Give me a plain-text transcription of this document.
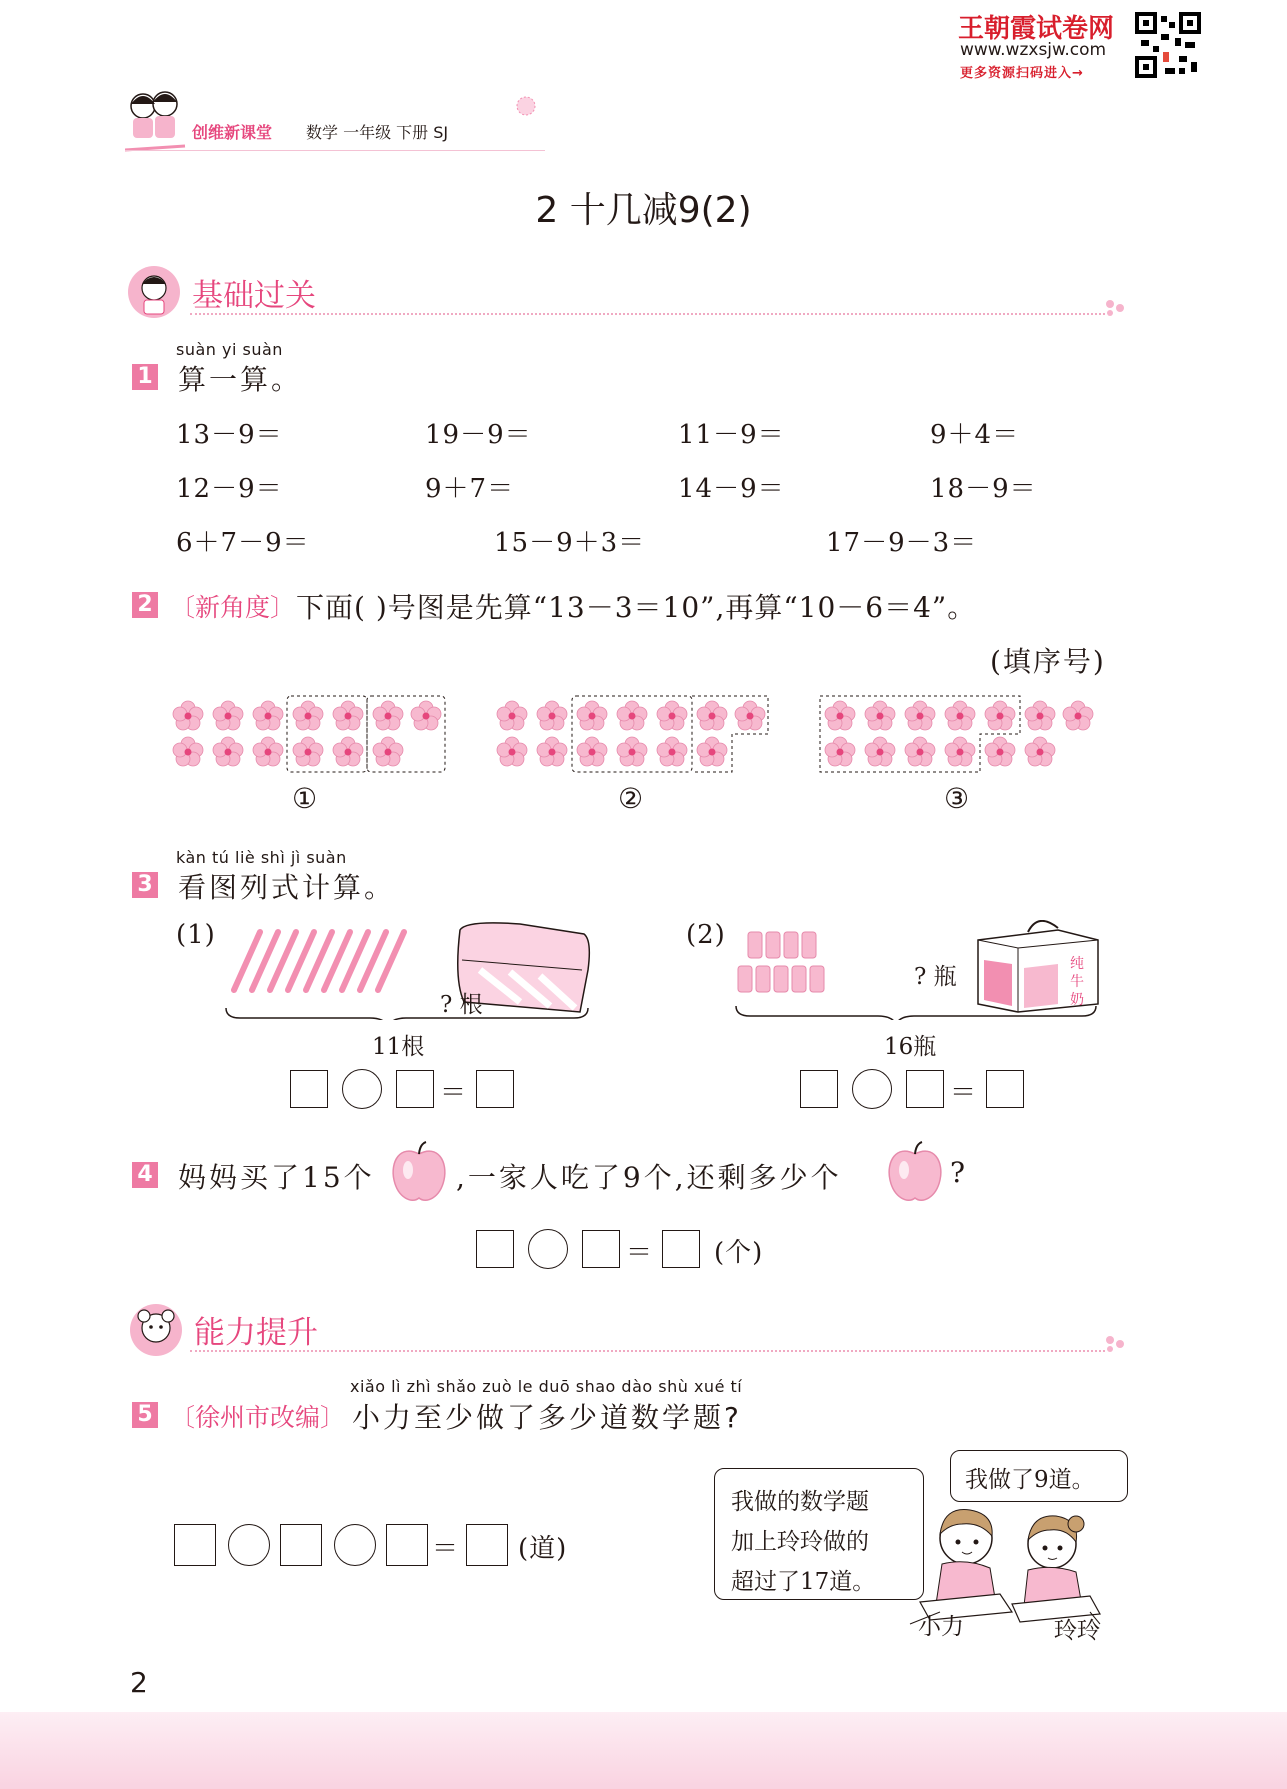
王朝霞试卷网
www.wzxsjw.com
更多资源扫码进入→
创维新课堂 数学 一年级 下册 SJ
2 十几减9(2)
基础过关
suàn yi suàn
1 算一算。
13－9＝	19－9＝	11－9＝	9＋4＝
12－9＝	9＋7＝	14－9＝	18－9＝
6＋7－9＝	15－9＋3＝	17－9－3＝
2 〔新角度〕 下面( )号图是先算“13－3＝10”,再算“10－6＝4”。
(填序号)
①	②	③
kàn tú liè shì jì suàn
3 看图列式计算。
(1)
? 根
11根
＝
(2)
纯
牛
奶
? 瓶
16瓶
＝
4 妈妈买了15个	,一家人吃了9个,还剩多少个	?
＝ (个)
能力提升
xiǎo lì zhì shǎo zuò le duō shao dào shù xué tí
5 〔徐州市改编〕 小力至少做了多少道数学题?
＝ (道)
我做的数学题
加上玲玲做的
超过了17道。
我做了9道。
小力	玲玲
2
